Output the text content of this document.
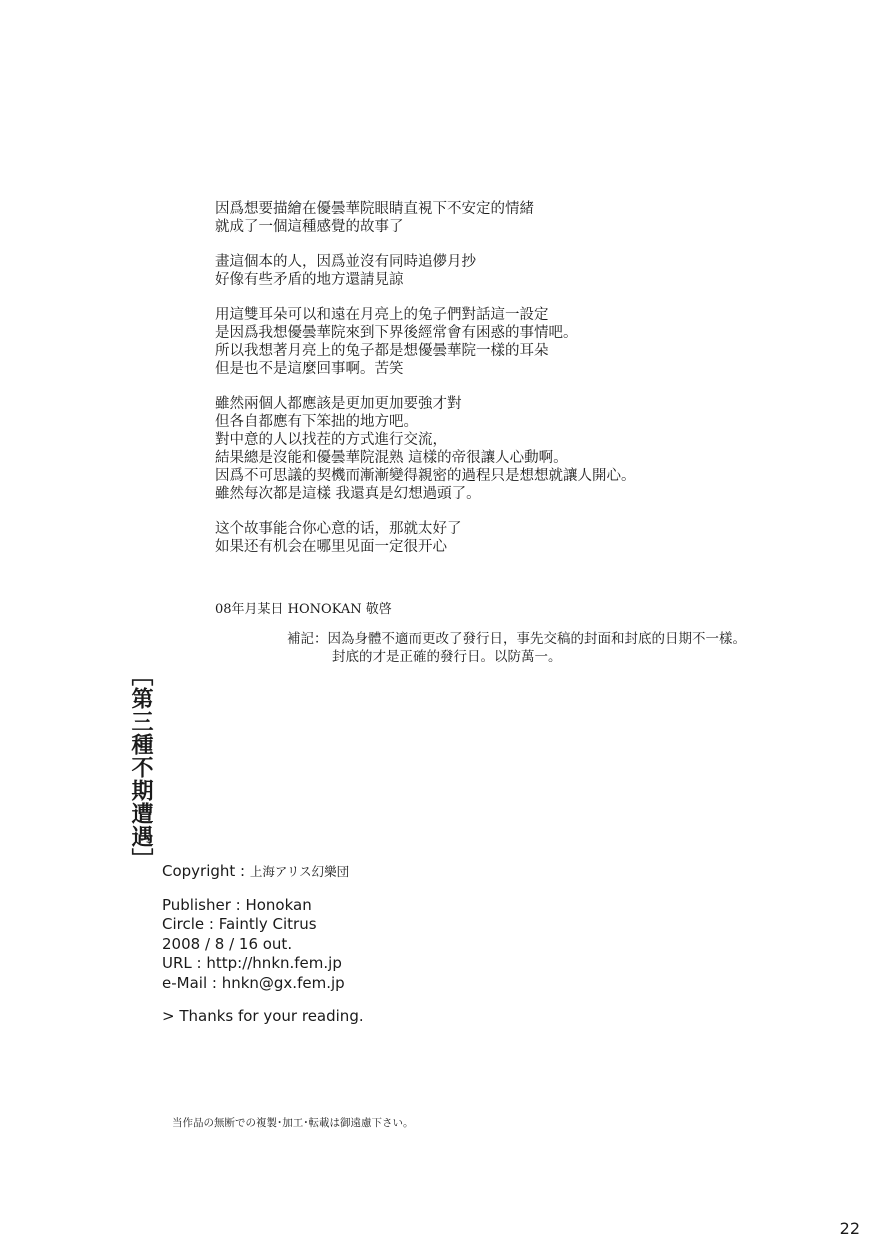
因爲想要描繪在優曇華院眼睛直視下不安定的情緒
就成了一個這種感覺的故事了
畫這個本的人，因爲並沒有同時追儚月抄
好像有些矛盾的地方還請見諒
用這雙耳朵可以和遠在月亮上的兔子們對話這一設定
是因爲我想優曇華院來到下界後經常會有困惑的事情吧。
所以我想著月亮上的兔子都是想優曇華院一樣的耳朵
但是也不是這麼回事啊。苦笑
雖然兩個人都應該是更加更加要強才對
但各自都應有下笨拙的地方吧。
對中意的人以找茬的方式進行交流，
結果總是沒能和優曇華院混熟 這樣的帝很讓人心動啊。
因爲不可思議的契機而漸漸變得親密的過程只是想想就讓人開心。
雖然每次都是這樣 我還真是幻想過頭了。
这个故事能合你心意的话，那就太好了
如果还有机会在哪里见面一定很开心
08年月某日 HONOKAN 敬啓
補記：因為身體不適而更改了發行日，事先交稿的封面和封底的日期不一樣。
封底的才是正確的發行日。以防萬一。
［第三種不期遭遇］ Copyright : 上海アリス幻樂団
Publisher : Honokan
Circle : Faintly Citrus
2008 / 8 / 16 out.
URL : http://hnkn.fem.jp
e-Mail : hnkn@gx.fem.jp
> Thanks for your reading.
当作品の無断での複製･加工･転載は御遠慮下さい。
22
